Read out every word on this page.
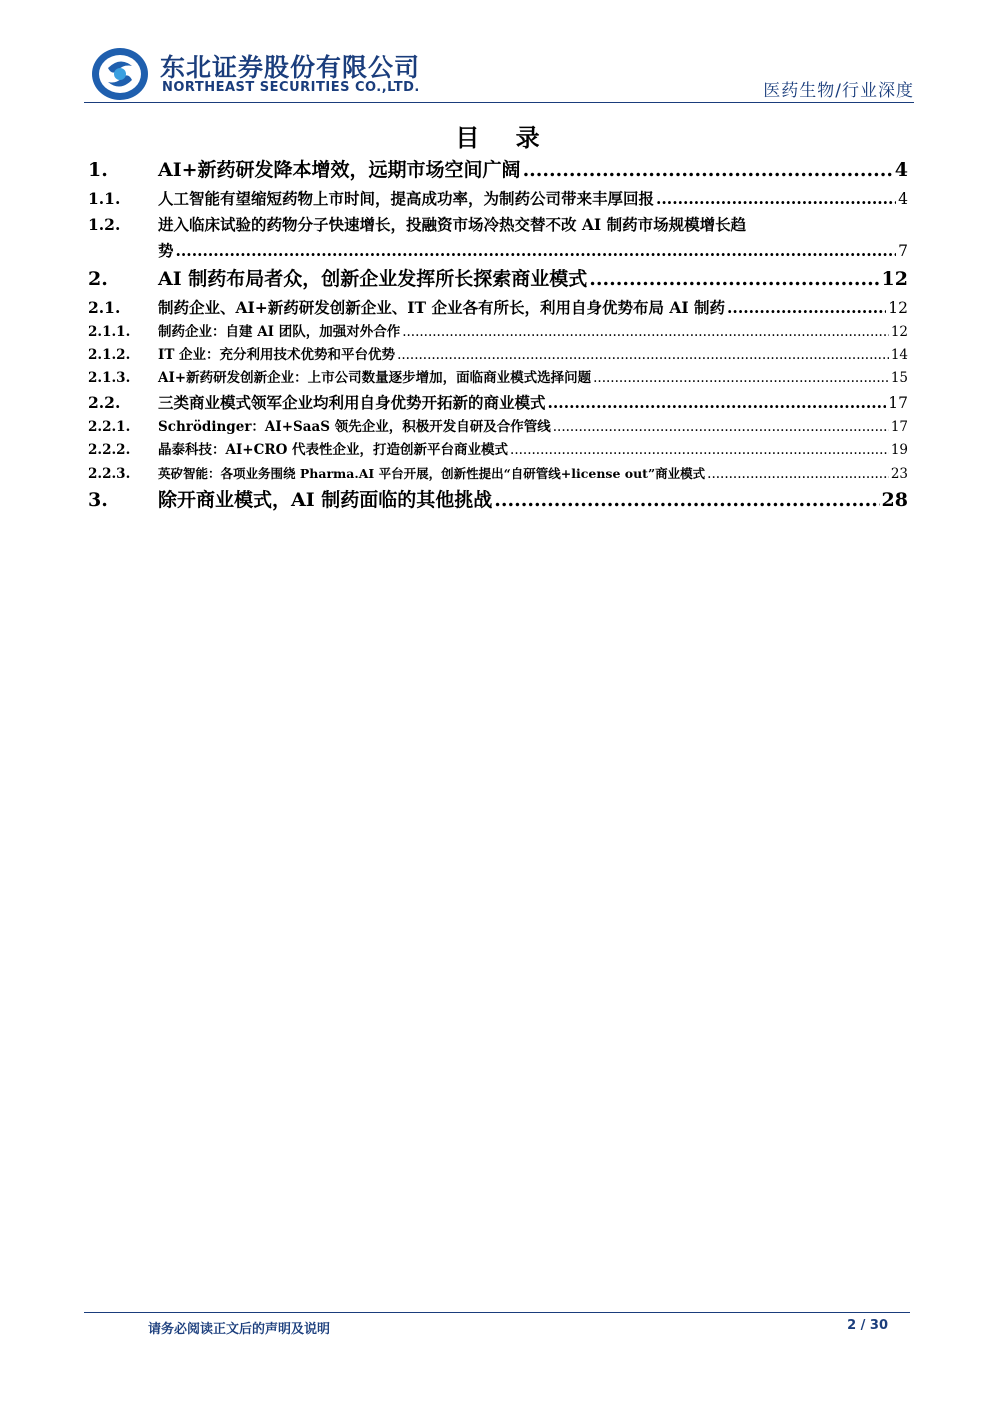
东北证券股份有限公司
NORTHEAST SECURITIES CO.,LTD.	医药生物/行业深度
目 录
1.	AI+新药研发降本增效，远期市场空间广阔 .....	4
1.1.	人工智能有望缩短药物上市时间，提高成功率，为制药公司带来丰厚回报 .....	4
1.2.	进入临床试验的药物分子快速增长，投融资市场冷热交替不改 AI 制药市场规模增长趋
势 .....	7
2.	AI 制药布局者众，创新企业发挥所长探索商业模式 .....	12
2.1.	制药企业、AI+新药研发创新企业、IT 企业各有所长，利用自身优势布局 AI 制药 .....	12
2.1.1.	制药企业：自建 AI 团队，加强对外合作 .....	12
2.1.2.	IT 企业：充分利用技术优势和平台优势 .....	14
2.1.3.	AI+新药研发创新企业：上市公司数量逐步增加，面临商业模式选择问题 .....	15
2.2.	三类商业模式领军企业均利用自身优势开拓新的商业模式 .....	17
2.2.1.	Schrödinger：AI+SaaS 领先企业，积极开发自研及合作管线 .....	17
2.2.2.	晶泰科技：AI+CRO 代表性企业，打造创新平台商业模式 .....	19
2.2.3.	英矽智能：各项业务围绕 Pharma.AI 平台开展，创新性提出“自研管线+license out”商业模式 .....	23
3.	除开商业模式，AI 制药面临的其他挑战 .....	28
请务必阅读正文后的声明及说明	2 / 30
